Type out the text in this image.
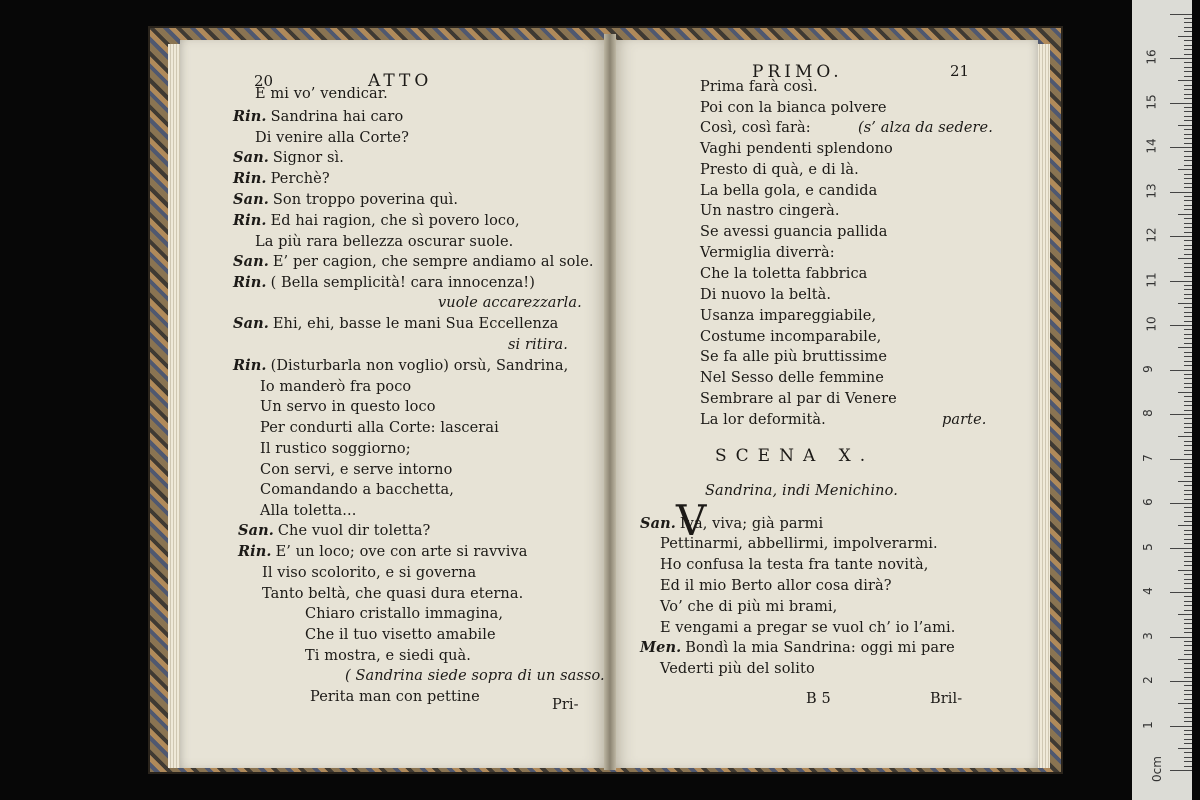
20	ATTO	PRIMO.	21
E mi vo’ vendicar.
Rin. Sandrina hai caro
Di venire alla Corte?
San. Signor sì.
Rin. Perchè?
San. Son troppo poverina quì.
Rin. Ed hai ragion, che sì povero loco,
La più rara bellezza oscurar suole.
San. E’ per cagion, che sempre andiamo al sole.
Rin. ( Bella semplicità! cara innocenza!)
San. Ehi, ehi, basse le mani Sua Eccellenza
Rin. (Disturbarla non voglio) orsù, Sandrina,
Io manderò fra poco
Un servo in questo loco
Per condurti alla Corte: lascerai
Il rustico soggiorno;
Con servi, e serve intorno
Comandando a bacchetta,
Alla toletta...
San. Che vuol dir toletta?
Rin. E’ un loco; ove con arte si ravviva
Il viso scolorito, e si governa
Tanto beltà, che quasi dura eterna.
Chiaro cristallo immagina,
Che il tuo visetto amabile
Ti mostra, e siedi quà.
Perita man con pettine
vuole accarezzarla.
si ritira.
( Sandrina siede sopra di un sasso.
Prima farà così.
Poi con la bianca polvere
Così, così farà:
Vaghi pendenti splendono
Presto di quà, e di là.
La bella gola, e candida
Un nastro cingerà.
Se avessi guancia pallida
Vermiglia diverrà:
Che la toletta fabbrica
Di nuovo la beltà.
Usanza impareggiabile,
Costume incomparabile,
Se fa alle più bruttissime
Nel Sesso delle femmine
Sembrare al par di Venere
La lor deformità.
(s’ alza da sedere.
parte.
San. Iva, viva; già parmi
Pettinarmi, abbellirmi, impolverarmi.
Ho confusa la testa fra tante novità,
Ed il mio Berto allor cosa dirà?
Vo’ che di più mi brami,
E vengami a pregar se vuol ch’ io l’ami.
Men. Bondì la mia Sandrina: oggi mi pare
Vederti più del solito
SCENA X.
Sandrina, indi Menichino.
V
Pri-	B 5	Bril-
16
15
14
13
12
11
10
9
8
7
6
5
4
3
2
1
0cm
